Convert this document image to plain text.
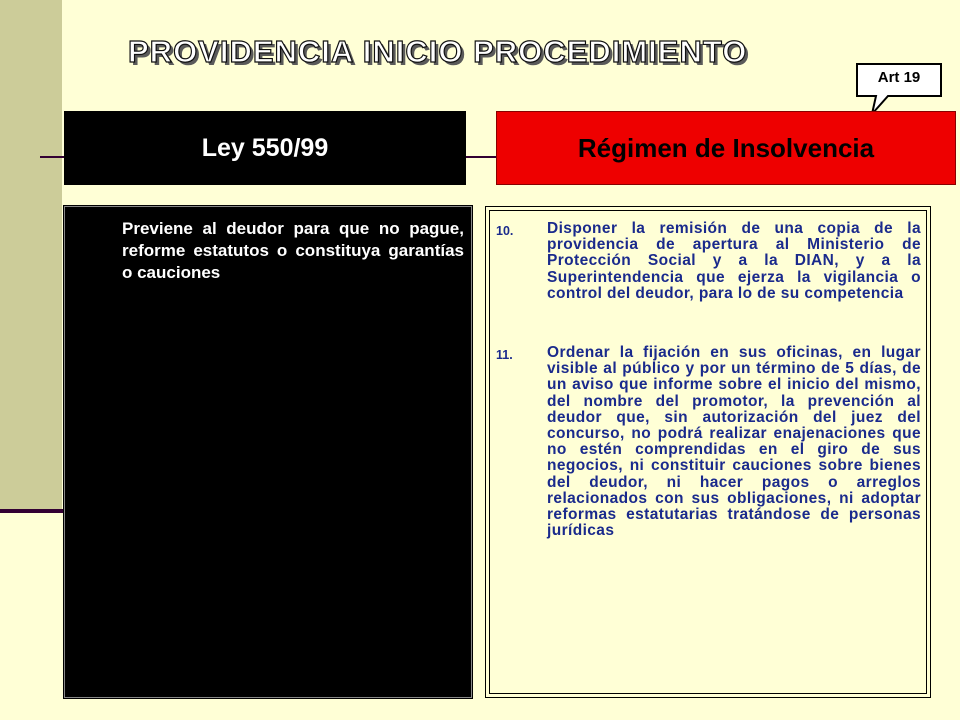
PROVIDENCIA INICIO PROCEDIMIENTO
Art 19
Ley 550/99	Régimen de Insolvencia

Previene al deudor para que no pague, reforme estatutos o constituya garantías o cauciones

10.	Disponer la remisión de una copia de la providencia de apertura al Ministerio de Protección Social y a la DIAN, y a la Superintendencia que ejerza la vigilancia o control del deudor, para lo de su competencia
11.	Ordenar la fijación en sus oficinas, en lugar visible al público y por un término de 5 días, de un aviso que informe sobre el inicio del mismo, del nombre del promotor, la prevención al deudor que, sin autorización del juez del concurso, no podrá realizar enajenaciones que no estén comprendidas en el giro de sus negocios, ni constituir cauciones sobre bienes del deudor, ni hacer pagos o arreglos relacionados con sus obligaciones, ni adoptar reformas estatutarias tratándose de personas jurídicas
